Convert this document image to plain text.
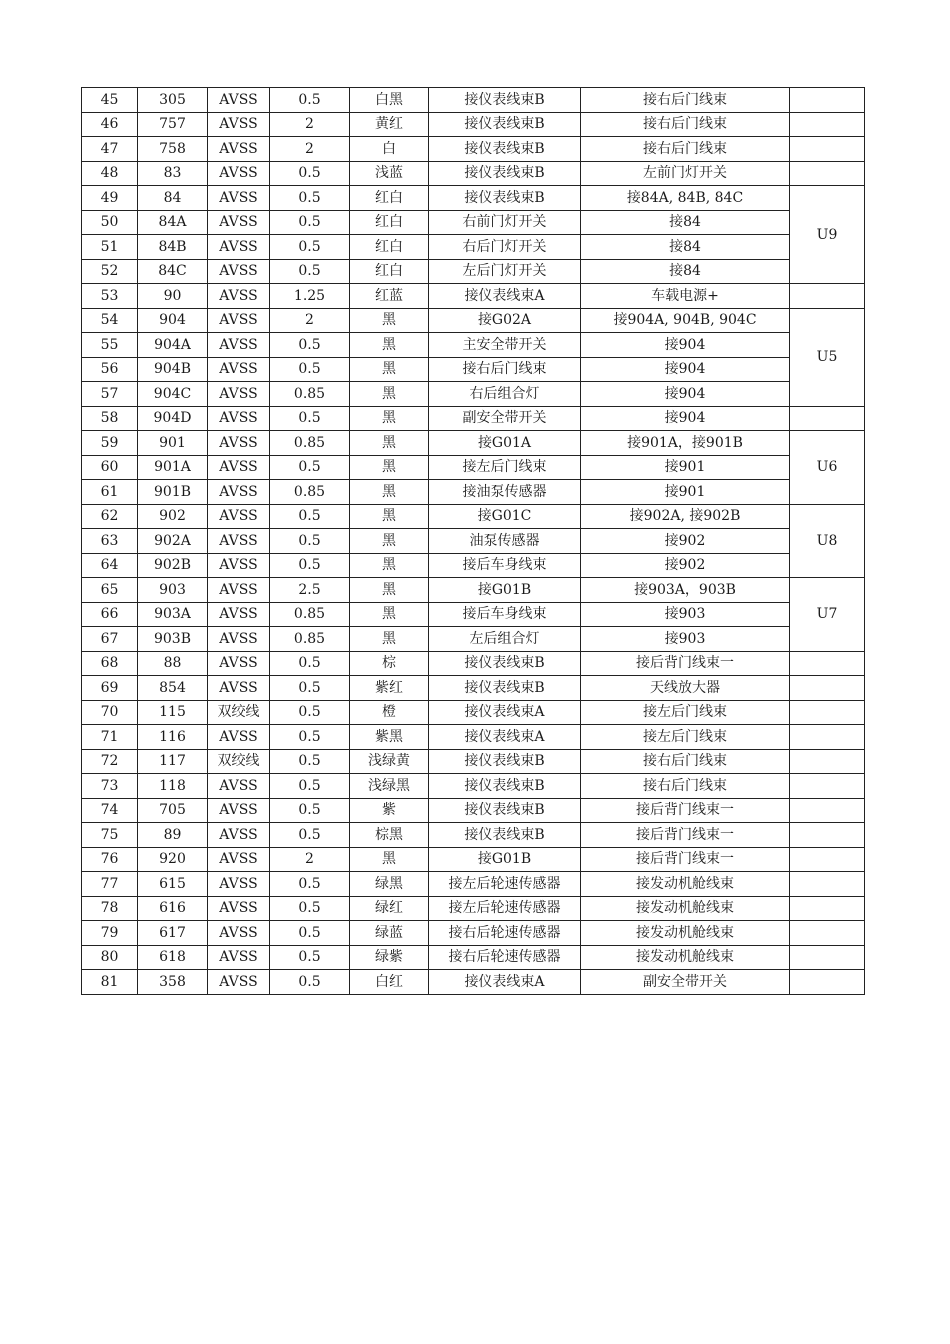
45	305	AVSS	0.5	白黑	接仪表线束B	接右后门线束	
46	757	AVSS	2	黄红	接仪表线束B	接右后门线束	
47	758	AVSS	2	白	接仪表线束B	接右后门线束	
48	83	AVSS	0.5	浅蓝	接仪表线束B	左前门灯开关	
49	84	AVSS	0.5	红白	接仪表线束B	接84A, 84B, 84C	U9
50	84A	AVSS	0.5	红白	右前门灯开关	接84	
51	84B	AVSS	0.5	红白	右后门灯开关	接84	
52	84C	AVSS	0.5	红白	左后门灯开关	接84	
53	90	AVSS	1.25	红蓝	接仪表线束A	车载电源+	
54	904	AVSS	2	黑	接G02A	接904A, 904B, 904C	U5
55	904A	AVSS	0.5	黑	主安全带开关	接904	
56	904B	AVSS	0.5	黑	接右后门线束	接904	
57	904C	AVSS	0.85	黑	右后组合灯	接904	
58	904D	AVSS	0.5	黑	副安全带开关	接904	
59	901	AVSS	0.85	黑	接G01A	接901A，接901B	U6
60	901A	AVSS	0.5	黑	接左后门线束	接901	
61	901B	AVSS	0.85	黑	接油泵传感器	接901	
62	902	AVSS	0.5	黑	接G01C	接902A, 接902B	U8
63	902A	AVSS	0.5	黑	油泵传感器	接902	
64	902B	AVSS	0.5	黑	接后车身线束	接902	
65	903	AVSS	2.5	黑	接G01B	接903A，903B	U7
66	903A	AVSS	0.85	黑	接后车身线束	接903	
67	903B	AVSS	0.85	黑	左后组合灯	接903	
68	88	AVSS	0.5	棕	接仪表线束B	接后背门线束一	
69	854	AVSS	0.5	紫红	接仪表线束B	天线放大器	
70	115	双绞线	0.5	橙	接仪表线束A	接左后门线束	
71	116	AVSS	0.5	紫黑	接仪表线束A	接左后门线束	
72	117	双绞线	0.5	浅绿黄	接仪表线束B	接右后门线束	
73	118	AVSS	0.5	浅绿黑	接仪表线束B	接右后门线束	
74	705	AVSS	0.5	紫	接仪表线束B	接后背门线束一	
75	89	AVSS	0.5	棕黑	接仪表线束B	接后背门线束一	
76	920	AVSS	2	黑	接G01B	接后背门线束一	
77	615	AVSS	0.5	绿黑	接左后轮速传感器	接发动机舱线束	
78	616	AVSS	0.5	绿红	接左后轮速传感器	接发动机舱线束	
79	617	AVSS	0.5	绿蓝	接右后轮速传感器	接发动机舱线束	
80	618	AVSS	0.5	绿紫	接右后轮速传感器	接发动机舱线束	
81	358	AVSS	0.5	白红	接仪表线束A	副安全带开关	
